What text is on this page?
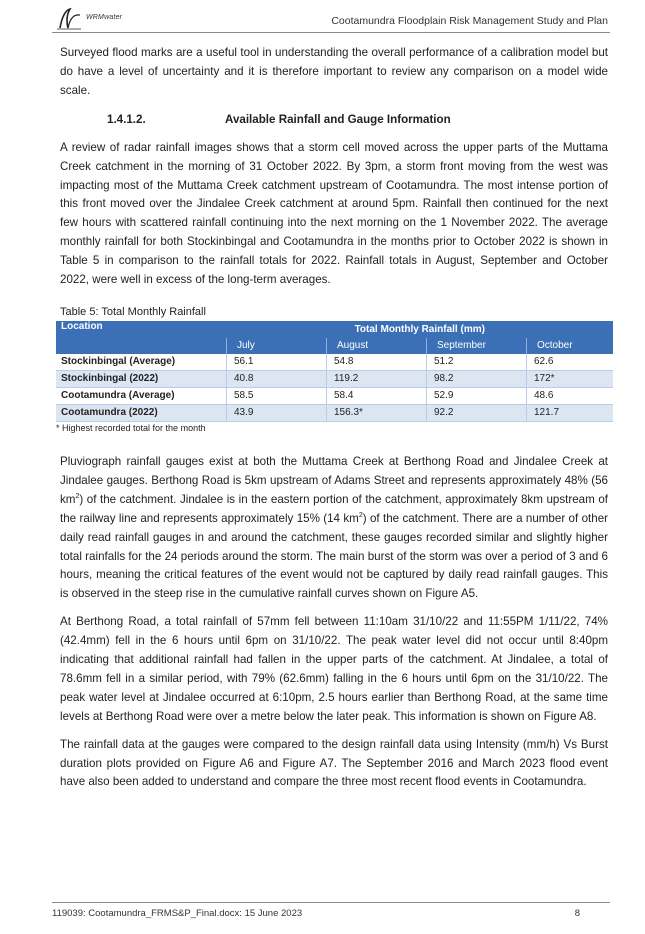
WRMwater	Cootamundra Floodplain Risk Management Study and Plan

Surveyed flood marks are a useful tool in understanding the overall performance of a calibration model but do have a level of uncertainty and it is therefore important to review any comparison on a model wide scale.

1.4.1.2.	Available Rainfall and Gauge Information

A review of radar rainfall images shows that a storm cell moved across the upper parts of the Muttama Creek catchment in the morning of 31 October 2022. By 3pm, a storm front moving from the west was impacting most of the Muttama Creek catchment upstream of Cootamundra. The most intense portion of this front moved over the Jindalee Creek catchment at around 5pm. Rainfall then continued for the next few hours with scattered rainfall continuing into the next morning on the 1 November 2022. The average monthly rainfall for both Stockinbingal and Cootamundra in the months prior to October 2022 is shown in Table 5 in comparison to the rainfall totals for 2022. Rainfall totals in August, September and October 2022, were well in excess of the long-term averages.

Table 5: Total Monthly Rainfall
Location	Total Monthly Rainfall (mm)			
	July	August	September	October
Stockinbingal (Average)	56.1	54.8	51.2	62.6
Stockinbingal (2022)	40.8	119.2	98.2	172*
Cootamundra (Average)	58.5	58.4	52.9	48.6
Cootamundra (2022)	43.9	156.3*	92.2	121.7
* Highest recorded total for the month

Pluviograph rainfall gauges exist at both the Muttama Creek at Berthong Road and Jindalee Creek at Jindalee gauges. Berthong Road is 5km upstream of Adams Street and represents approximately 48% (56 $km^2$) of the catchment. Jindalee is in the eastern portion of the catchment, approximately 8km upstream of the railway line and represents approximately 15% (14 $km^2$) of the catchment. There are a number of other daily read rainfall gauges in and around the catchment, these gauges recorded similar and slightly higher total rainfalls for the 24 periods around the storm. The main burst of the storm was over a period of 3 and 6 hours, meaning the critical features of the event would not be captured by daily read rainfall gauges. This is observed in the steep rise in the cumulative rainfall curves shown on Figure A5.

At Berthong Road, a total rainfall of 57mm fell between 11:10am 31/10/22 and 11:55PM 1/11/22, 74% (42.4mm) fell in the 6 hours until 6pm on 31/10/22. The peak water level did not occur until 8:40pm indicating that additional rainfall had fallen in the upper parts of the catchment. At Jindalee, a total of 78.6mm fell in a similar period, with 79% (62.6mm) falling in the 6 hours until 6pm on the 31/10/22. The peak water level at Jindalee occurred at 6:10pm, 2.5 hours earlier than Berthong Road, at the same time levels at Berthong Road were over a metre below the later peak. This information is shown on Figure A8.

The rainfall data at the gauges were compared to the design rainfall data using Intensity (mm/h) Vs Burst duration plots provided on Figure A6 and Figure A7. The September 2016 and March 2023 flood event have also been added to understand and compare the three most recent flood events in Cootamundra.

119039: Cootamundra_FRMS&P_Final.docx: 15 June 2023	8
